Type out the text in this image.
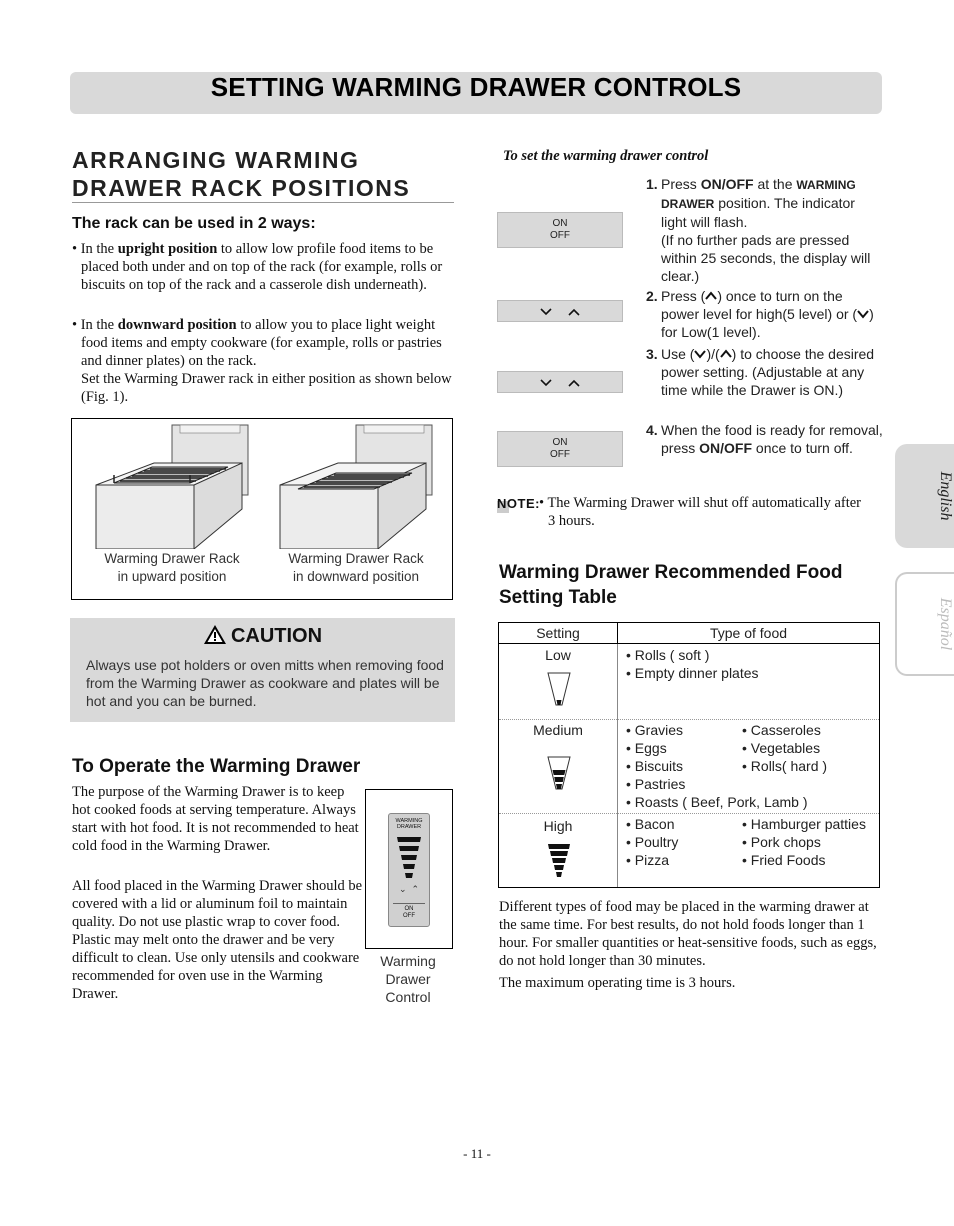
SETTING WARMING DRAWER CONTROLS
ARRANGING WARMING
DRAWER RACK POSITIONS
The rack can be used in 2 ways:
• In the upright position to allow low profile food items to be placed both under and on top of the rack (for example, rolls or biscuits on top of the rack and a casserole dish underneath).
• In the downward position to allow you to place light weight food items and empty cookware (for example, rolls or pastries and dinner plates) on the rack.
Set the Warming Drawer rack in either position as shown below (Fig. 1).
Warming Drawer Rack
in upward position
Warming Drawer Rack
in downward position
CAUTION
Always use pot holders or oven mitts when removing food from the Warming Drawer as cookware and plates will be hot and you can be burned.
To Operate the Warming Drawer
The purpose of the Warming Drawer is to keep hot cooked foods at serving temperature. Always start with hot food. It is not recommended to heat cold food in the Warming Drawer.
All food placed in the Warming Drawer should be covered with a lid or aluminum foil to maintain quality. Do not use plastic wrap to cover food. Plastic may melt onto the drawer and be very difficult to clean. Use only utensils and cookware recommended for oven use in the Warming Drawer.
WARMING
DRAWER
⌄ ⌃
ON
OFF
Warming
Drawer
Control
To set the warming drawer control
ON
OFF
ON
OFF
1. Press ON/OFF at the WARMING DRAWER position. The indicator light will flash.
(If no further pads are pressed within 25 seconds, the display will clear.)
2. Press ( ) once to turn on the power level for high(5 level) or ( ) for Low(1 level).
3. Use ( )/( ) to choose the desired power setting. (Adjustable at any time while the Drawer is ON.)
4. When the food is ready for removal, press ON/OFF once to turn off.
NOTE: • The Warming Drawer will shut off automatically after 3 hours.
Warming Drawer Recommended Food Setting Table
Setting	Type of food
Low	• Rolls ( soft )
• Empty dinner plates
Medium	• Gravies
• Eggs
• Biscuits
• Pastries
• Roasts ( Beef, Pork, Lamb )
• Casseroles
• Vegetables
• Rolls( hard )
High	• Bacon
• Poultry
• Pizza
• Hamburger patties
• Pork chops
• Fried Foods
Different types of food may be placed in the warming drawer at the same time. For best results, do not hold foods longer than 1 hour. For smaller quantities or heat-sensitive foods, such as eggs, do not hold longer than 30 minutes.
The maximum operating time is 3 hours.
English
Español
- 11 -
